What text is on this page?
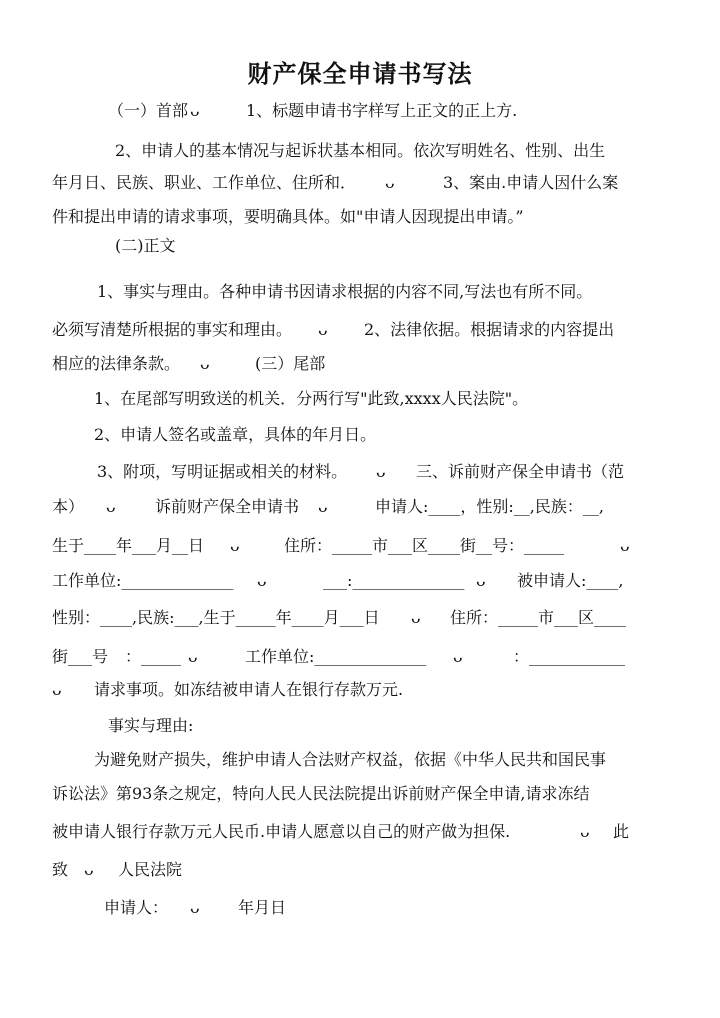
财产保全申请书写法
（一）首部 ᴗ	1、标题申请书字样写上正文的正上方.
2、申请人的基本情况与起诉状基本相同。依次写明姓名、性别、出生
年月日、民族、职业、工作单位、住所和． ᴗ	3、案由.申请人因什么案
件和提出申请的请求事项，要明确具体。如"申请人因现提出申请。”
(二)正文
1、事实与理由。各种申请书因请求根据的内容不同,写法也有所不同。
必须写清楚所根据的事实和理由。 ᴗ 2、法律依据。根据请求的内容提出
相应的法律条款。 ᴗ	(三）尾部
1、在尾部写明致送的机关．分两行写"此致,xxxx人民法院"。
2、申请人签名或盖章，具体的年月日。
3、附项，写明证据或相关的材料。 ᴗ 三、诉前财产保全申请书（范
本） ᴗ 诉前财产保全申请书 ᴗ	申请人:____，性别:__,民族：__,
生于____年___月__日 ᴗ	住所：_____市___区____街__号：_____	ᴗ
工作单位:______________ ᴗ	___:______________ ᴗ 被申请人:____,
性别：____,民族:___,生于_____年____月___日 ᴗ 住所：_____市___区____
街___号 ：_____ ᴗ	工作单位:______________ ᴗ	：____________
ᴗ 请求事项。如冻结被申请人在银行存款万元.
事实与理由:
为避免财产损失，维护申请人合法财产权益，依据《中华人民共和国民事
诉讼法》第93条之规定，特向人民人民法院提出诉前财产保全申请,请求冻结
被申请人银行存款万元人民币.申请人愿意以自己的财产做为担保.	ᴗ 此
致 ᴗ 人民法院
申请人： ᴗ 年月日
